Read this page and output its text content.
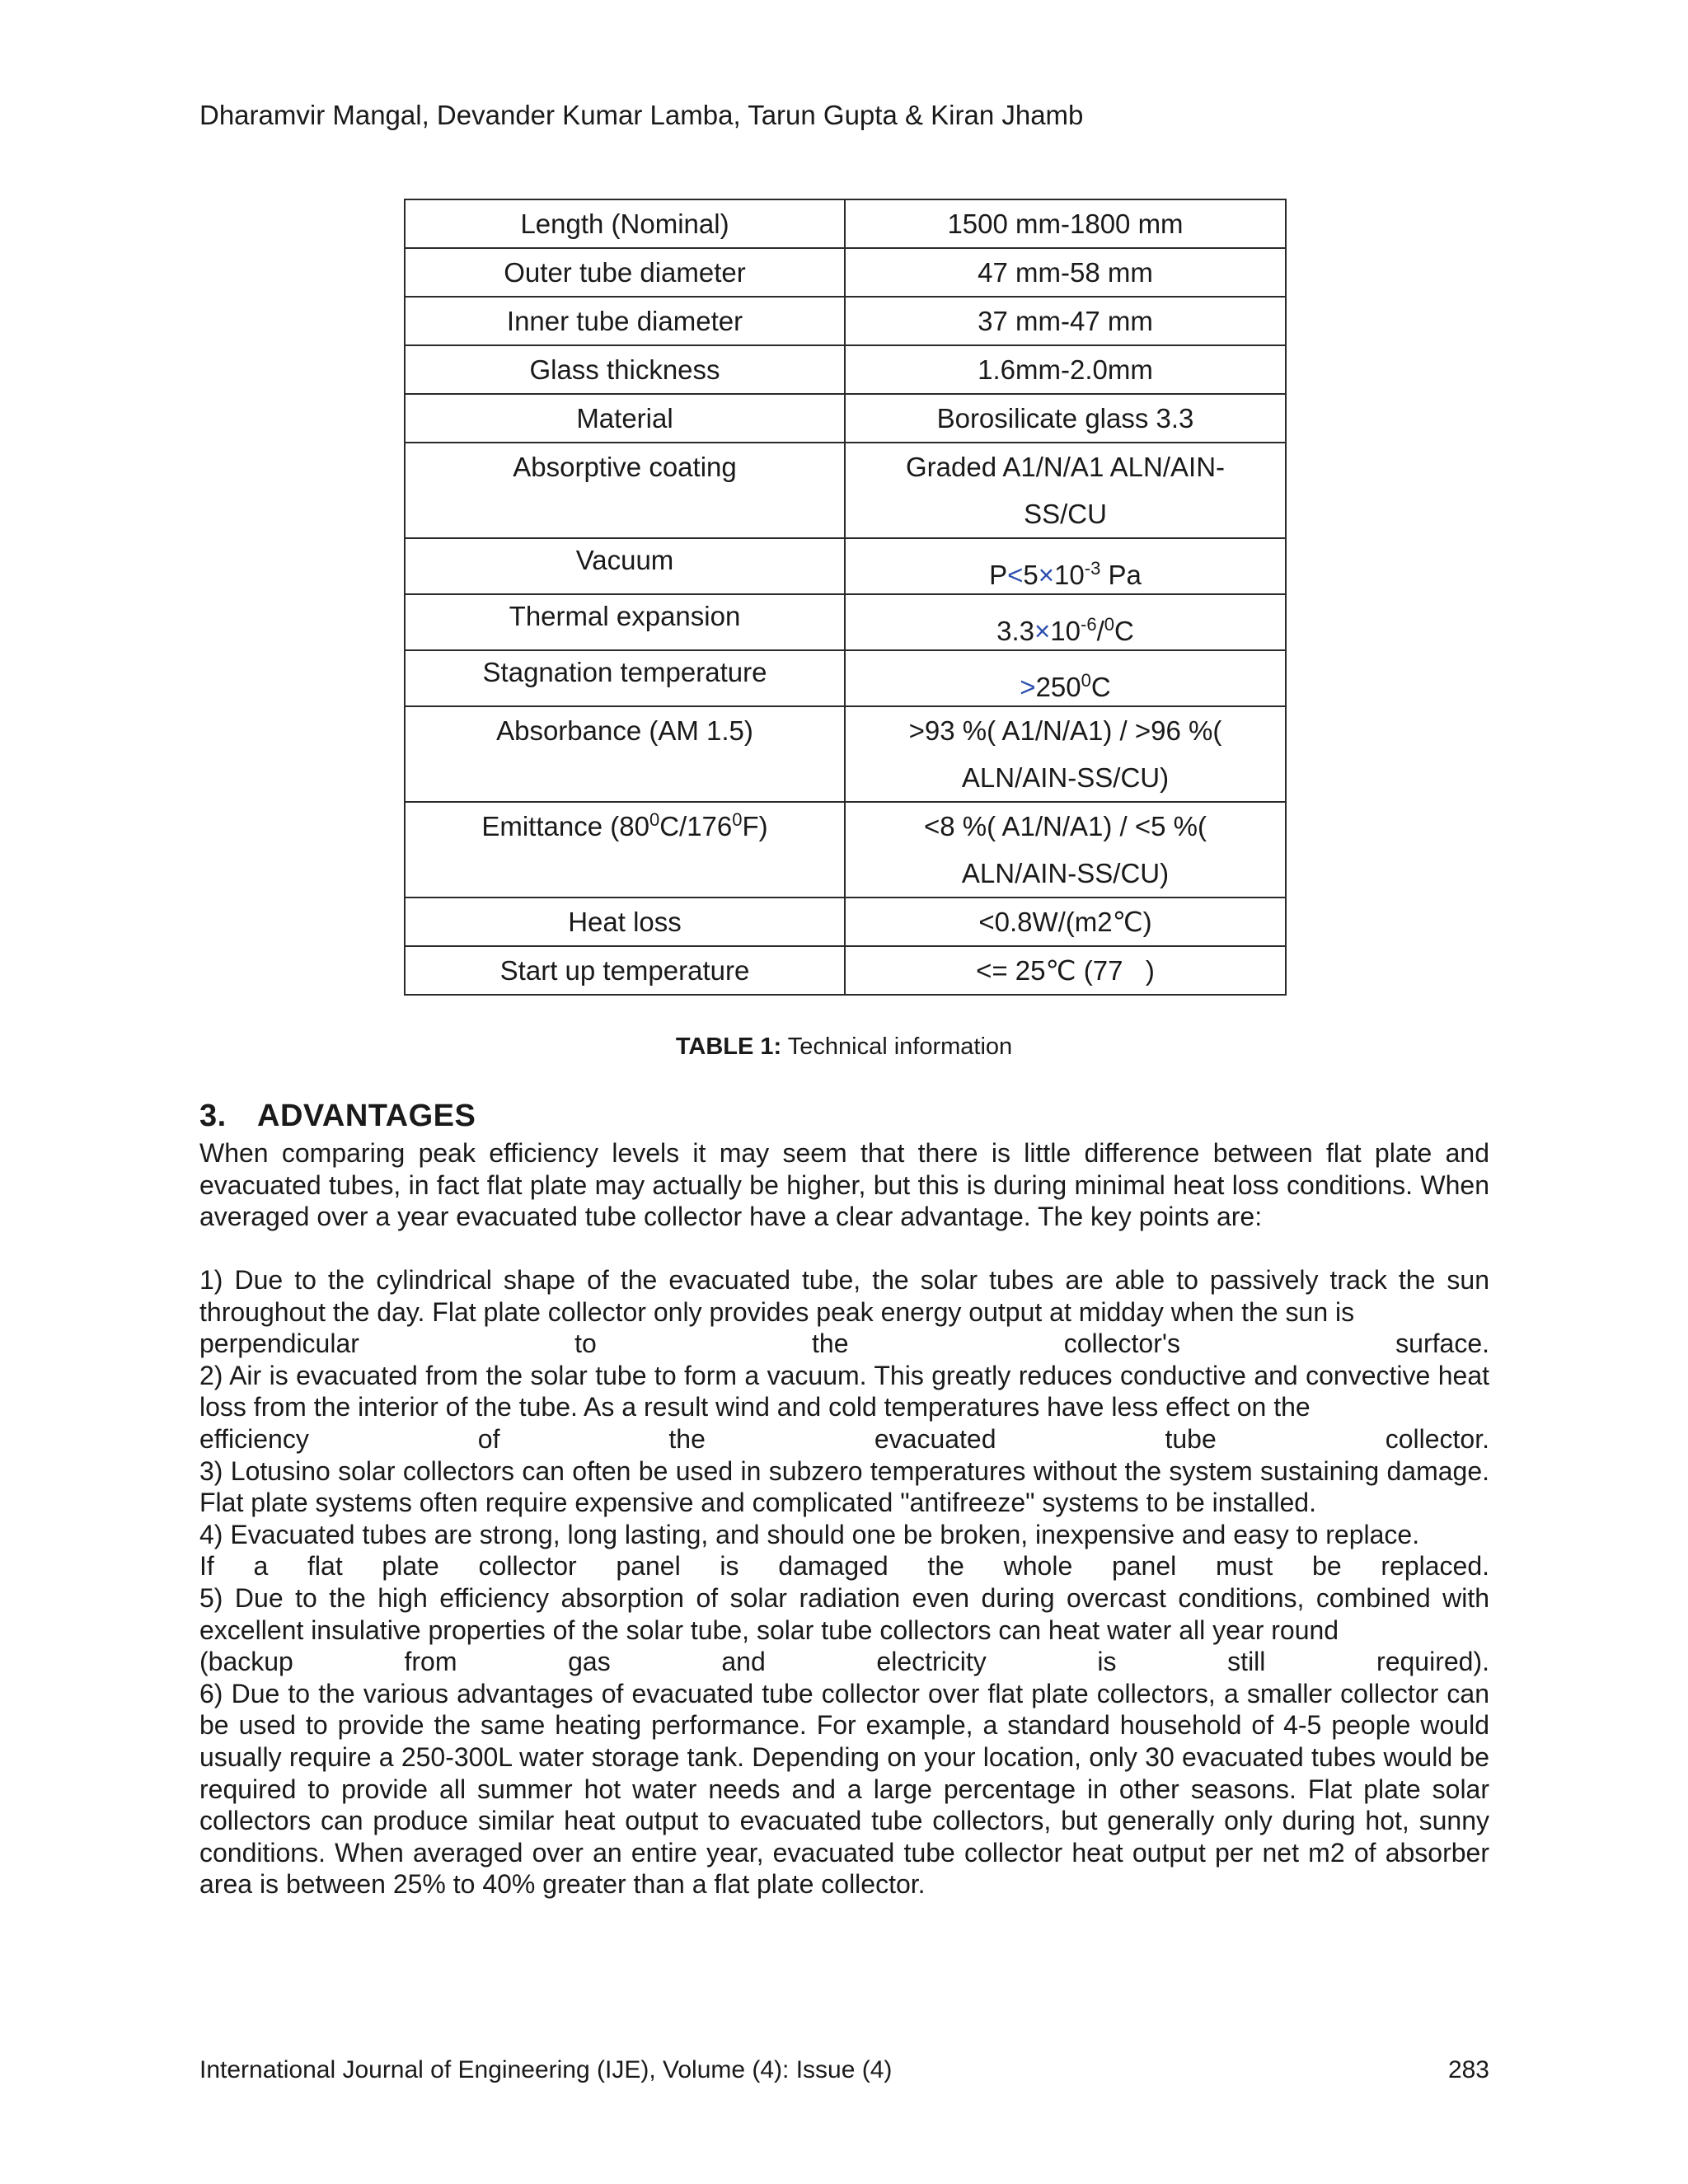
Dharamvir Mangal, Devander Kumar Lamba, Tarun Gupta & Kiran Jhamb
Length (Nominal)	1500 mm-1800 mm
Outer tube diameter	47 mm-58 mm
Inner tube diameter	37 mm-47 mm
Glass thickness	1.6mm-2.0mm
Material	Borosilicate glass 3.3
Absorptive coating	Graded A1/N/A1 ALN/AIN-
SS/CU
Vacuum	$P<5\times 10^{-3}$ Pa
Thermal expansion	$3.3\times 10^{-6}/^0C$
Stagnation temperature	$>250^0C$
Absorbance (AM 1.5)	>93 %( A1/N/A1) / >96 %(
ALN/AIN-SS/CU)
Emittance $(80^0C/176^0F)$	<8 %( A1/N/A1) / <5 %(
ALN/AIN-SS/CU)
Heat loss	<0.8W/(m2℃)
Start up temperature	<= 25℃ (77   )
TABLE 1: Technical information
3. ADVANTAGES

When comparing peak efficiency levels it may seem that there is little difference between flat plate and evacuated tubes, in fact flat plate may actually be higher, but this is during minimal heat loss conditions. When averaged over a year evacuated tube collector have a clear advantage. The key points are:

1) Due to the cylindrical shape of the evacuated tube, the solar tubes are able to passively track the sun throughout the day. Flat plate collector only provides peak energy output at midday when the sun is

perpendicular to the collector's surface.

2) Air is evacuated from the solar tube to form a vacuum. This greatly reduces conductive and convective heat loss from the interior of the tube. As a result wind and cold temperatures have less effect on the

efficiency of the evacuated tube collector.

3) Lotusino solar collectors can often be used in subzero temperatures without the system sustaining damage. Flat plate systems often require expensive and complicated "antifreeze" systems to be installed.

4) Evacuated tubes are strong, long lasting, and should one be broken, inexpensive and easy to replace.

If a flat plate collector panel is damaged the whole panel must be replaced.

5) Due to the high efficiency absorption of solar radiation even during overcast conditions, combined with excellent insulative properties of the solar tube, solar tube collectors can heat water all year round

(backup from gas and electricity is still required).

6) Due to the various advantages of evacuated tube collector over flat plate collectors, a smaller collector can be used to provide the same heating performance. For example, a standard household of 4-5 people would usually require a 250-300L water storage tank. Depending on your location, only 30 evacuated tubes would be required to provide all summer hot water needs and a large percentage in other seasons. Flat plate solar collectors can produce similar heat output to evacuated tube collectors, but generally only during hot, sunny conditions. When averaged over an entire year, evacuated tube collector heat output per net m2 of absorber area is between 25% to 40% greater than a flat plate collector.

International Journal of Engineering (IJE), Volume (4): Issue (4)	283
